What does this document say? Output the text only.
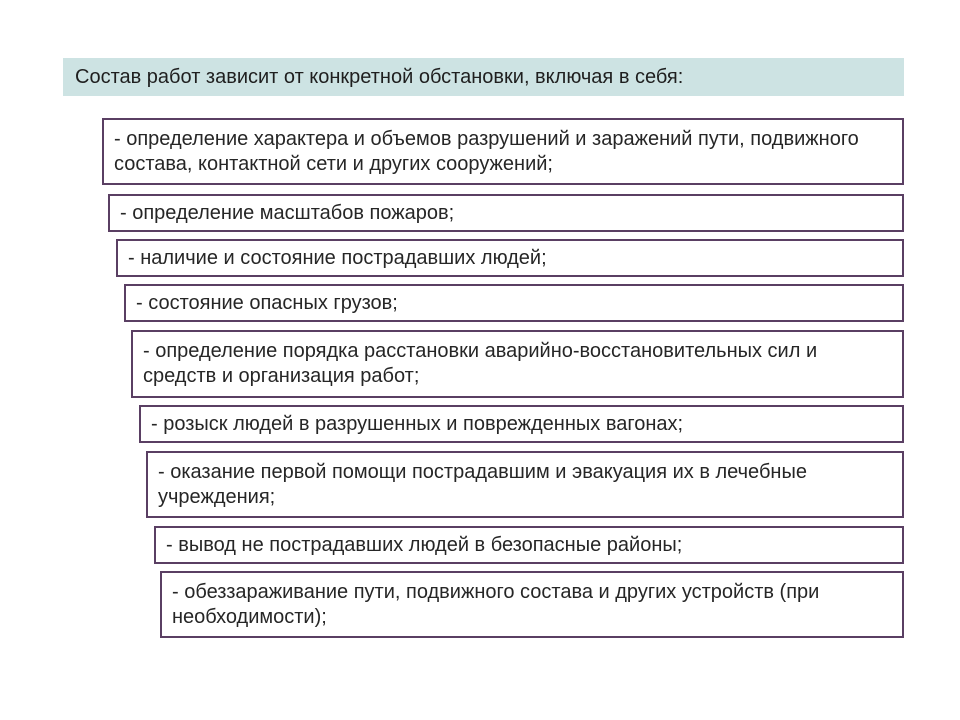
Состав работ зависит от конкретной обстановки, включая в себя:
- определение характера и объемов разрушений и заражений пути, подвижного состава, контактной сети и других сооружений;
- определение масштабов пожаров;
- наличие и состояние пострадавших людей;
- состояние опасных грузов;
- определение порядка расстановки аварийно-восстановительных сил и средств и организация работ;
- розыск людей в разрушенных и поврежденных вагонах;
- оказание первой помощи пострадавшим и эвакуация их в лечебные учреждения;
- вывод не пострадавших людей в безопасные районы;
- обеззараживание пути, подвижного состава и других устройств (при необходимости);
